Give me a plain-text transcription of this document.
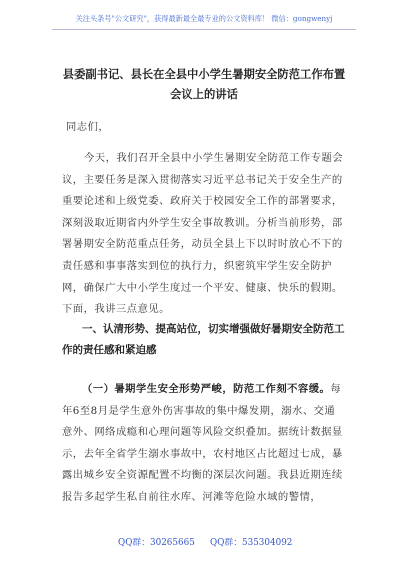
关注头条号"公文研究"，获得最新最全最专业的公文资料库！ 微信：gongwenyj
县委副书记、县长在全县中小学生暑期安全防范工作布置
会议上的讲话

同志们，

今天，我们召开全县中小学生暑期安全防范工作专题会议，主要任务是深入贯彻落实习近平总书记关于安全生产的重要论述和上级党委、政府关于校园安全工作的部署要求，深刻汲取近期省内外学生安全事故教训。分析当前形势，部署暑期安全防范重点任务，动员全县上下以时时放心不下的责任感和事事落实到位的执行力，织密筑牢学生安全防护网，确保广大中小学生度过一个平安、健康、快乐的假期。下面，我讲三点意见。

一、认清形势、提高站位，切实增强做好暑期安全防范工作的责任感和紧迫感

（一）暑期学生安全形势严峻，防范工作刻不容缓。每年6至8月是学生意外伤害事故的集中爆发期，溺水、交通意外、网络成瘾和心理问题等风险交织叠加。据统计数据显示，去年全省学生溺水事故中，农村地区占比超过七成，暴露出城乡安全资源配置不均衡的深层次问题。我县近期连续报告多起学生私自前往水库、河滩等危险水域的警情，

QQ群：30265665 QQ群：535304092
